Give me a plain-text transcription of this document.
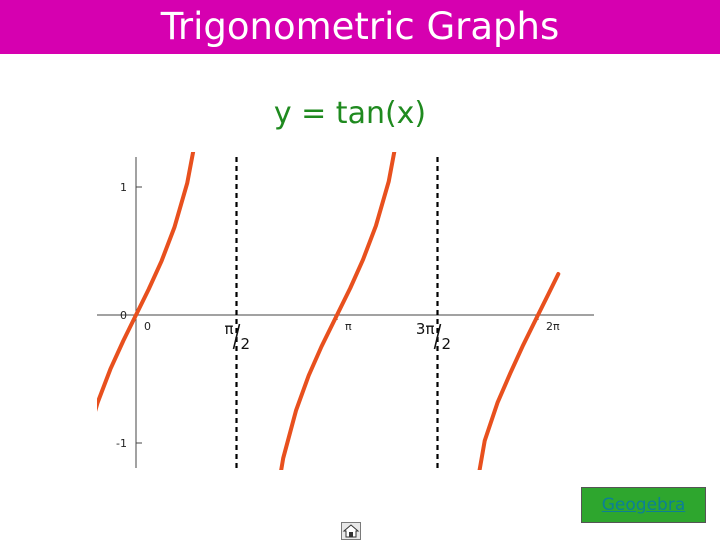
Trigonometric Graphs
y = tan(x)
1
0
-1
0	π	2π
π
2
3π
2
Geogebra
